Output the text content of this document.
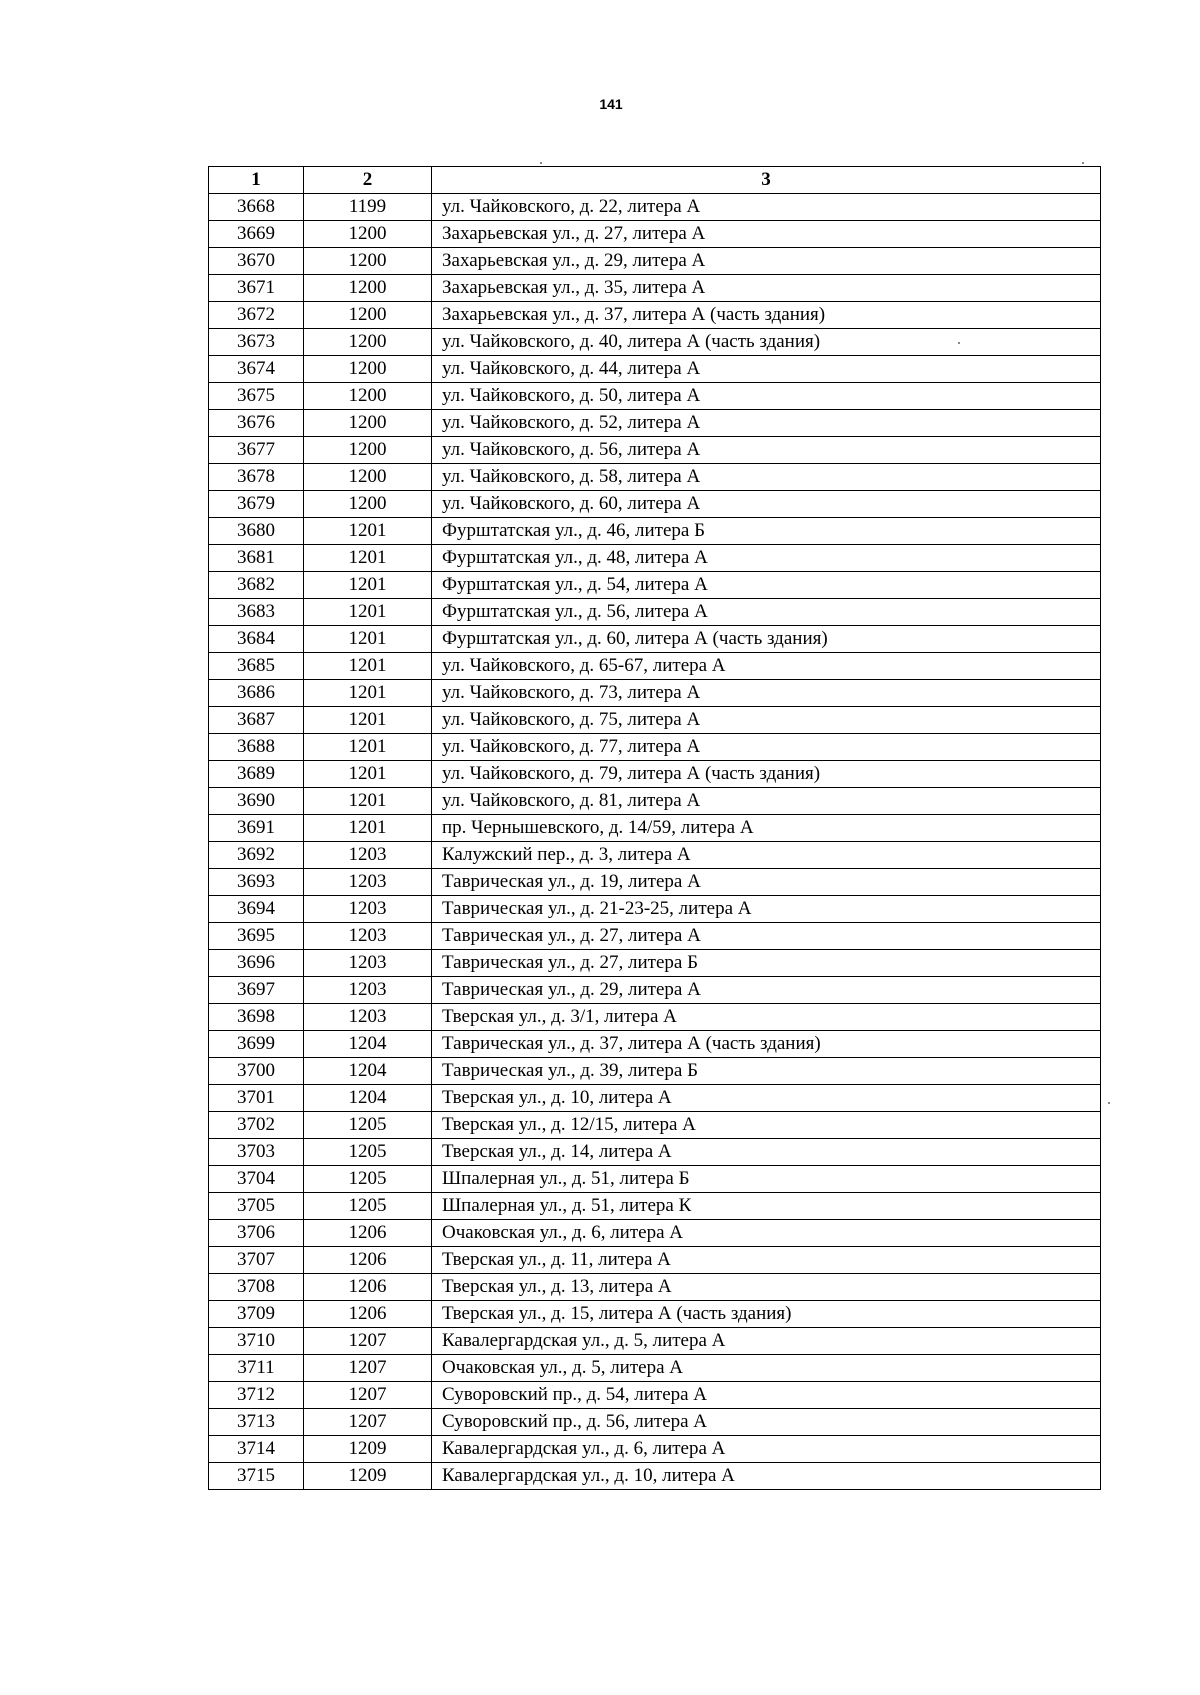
141
1	2	3
3668	1199	ул. Чайковского, д. 22, литера А
3669	1200	Захарьевская ул., д. 27, литера А
3670	1200	Захарьевская ул., д. 29, литера А
3671	1200	Захарьевская ул., д. 35, литера А
3672	1200	Захарьевская ул., д. 37, литера А (часть здания)
3673	1200	ул. Чайковского, д. 40, литера А (часть здания)
3674	1200	ул. Чайковского, д. 44, литера А
3675	1200	ул. Чайковского, д. 50, литера А
3676	1200	ул. Чайковского, д. 52, литера А
3677	1200	ул. Чайковского, д. 56, литера А
3678	1200	ул. Чайковского, д. 58, литера А
3679	1200	ул. Чайковского, д. 60, литера А
3680	1201	Фурштатская ул., д. 46, литера Б
3681	1201	Фурштатская ул., д. 48, литера А
3682	1201	Фурштатская ул., д. 54, литера А
3683	1201	Фурштатская ул., д. 56, литера А
3684	1201	Фурштатская ул., д. 60, литера А (часть здания)
3685	1201	ул. Чайковского, д. 65-67, литера А
3686	1201	ул. Чайковского, д. 73, литера А
3687	1201	ул. Чайковского, д. 75, литера А
3688	1201	ул. Чайковского, д. 77, литера А
3689	1201	ул. Чайковского, д. 79, литера А (часть здания)
3690	1201	ул. Чайковского, д. 81, литера А
3691	1201	пр. Чернышевского, д. 14/59, литера А
3692	1203	Калужский пер., д. 3, литера А
3693	1203	Таврическая ул., д. 19, литера А
3694	1203	Таврическая ул., д. 21-23-25, литера А
3695	1203	Таврическая ул., д. 27, литера А
3696	1203	Таврическая ул., д. 27, литера Б
3697	1203	Таврическая ул., д. 29, литера А
3698	1203	Тверская ул., д. 3/1, литера А
3699	1204	Таврическая ул., д. 37, литера А (часть здания)
3700	1204	Таврическая ул., д. 39, литера Б
3701	1204	Тверская ул., д. 10, литера А
3702	1205	Тверская ул., д. 12/15, литера А
3703	1205	Тверская ул., д. 14, литера А
3704	1205	Шпалерная ул., д. 51, литера Б
3705	1205	Шпалерная ул., д. 51, литера К
3706	1206	Очаковская ул., д. 6, литера А
3707	1206	Тверская ул., д. 11, литера А
3708	1206	Тверская ул., д. 13, литера А
3709	1206	Тверская ул., д. 15, литера А (часть здания)
3710	1207	Кавалергардская ул., д. 5, литера А
3711	1207	Очаковская ул., д. 5, литера А
3712	1207	Суворовский пр., д. 54, литера А
3713	1207	Суворовский пр., д. 56, литера А
3714	1209	Кавалергардская ул., д. 6, литера А
3715	1209	Кавалергардская ул., д. 10, литера А
